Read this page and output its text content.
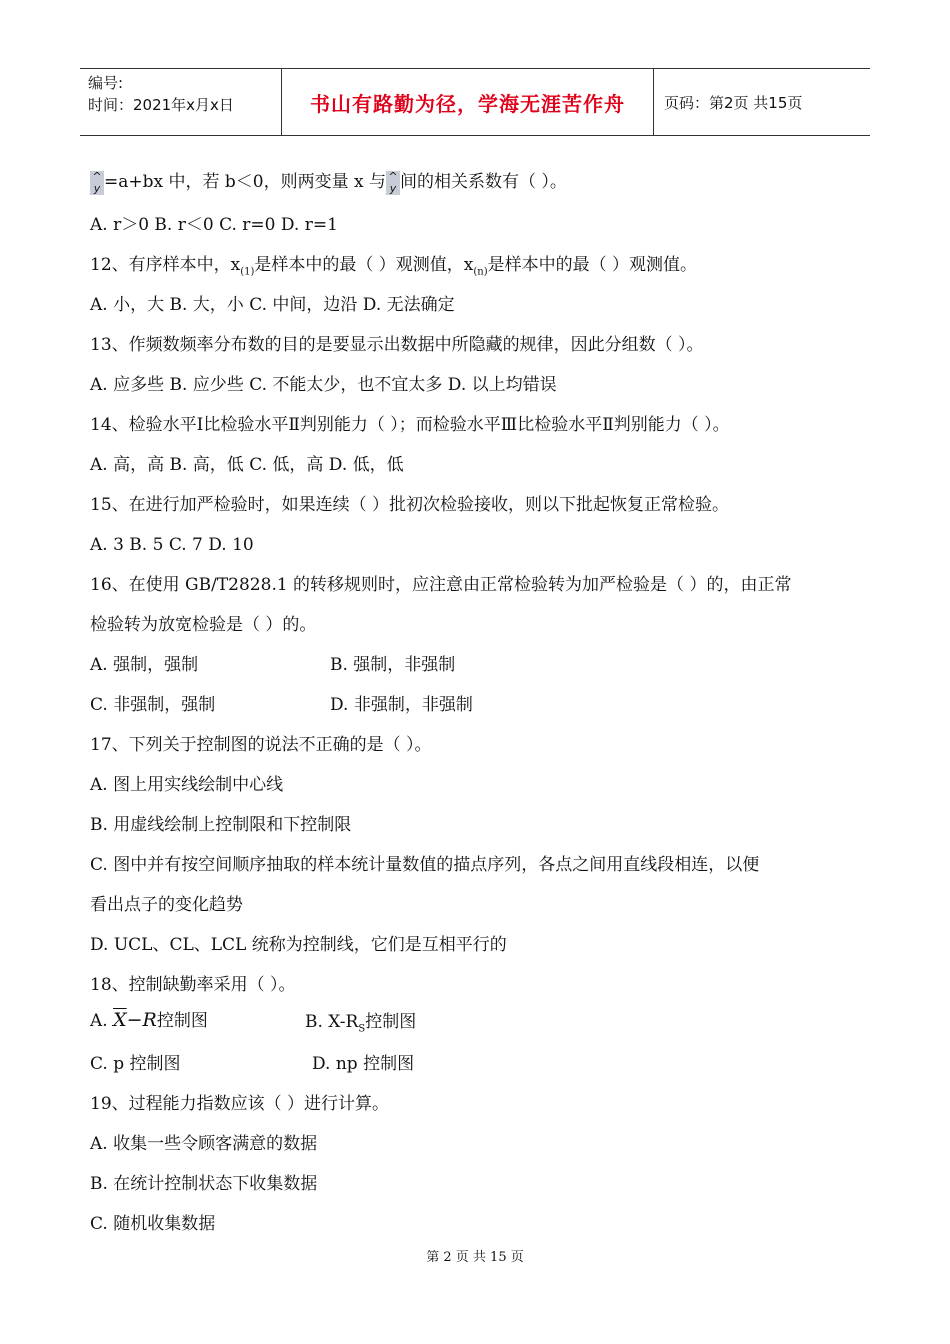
编号:
时间：2021年x月x日	书山有路勤为径，学海无涯苦作舟	页码：第2页 共15页
^
y =a+bx 中，若 b＜0，则两变量 x 与 ^
y 间的相关系数有（ ）。
A. r＞0 B. r＜0 C. r=0 D. r=1
12、有序样本中，$x_{(1)}$是样本中的最（ ）观测值，$x_{(n)}$是样本中的最（ ）观测值。
A. 小，大 B. 大，小 C. 中间，边沿 D. 无法确定
13、作频数频率分布数的目的是要显示出数据中所隐藏的规律，因此分组数（ ）。
A. 应多些 B. 应少些 C. 不能太少，也不宜太多 D. 以上均错误
14、检验水平Ⅰ比检验水平Ⅱ判别能力（ ）；而检验水平Ⅲ比检验水平Ⅱ判别能力（ ）。
A. 高，高 B. 高，低 C. 低，高 D. 低，低
15、在进行加严检验时，如果连续（ ）批初次检验接收，则以下批起恢复正常检验。
A. 3 B. 5 C. 7 D. 10
16、在使用 GB/T2828.1 的转移规则时，应注意由正常检验转为加严检验是（ ）的，由正常
检验转为放宽检验是（ ）的。
A. 强制，强制	B. 强制，非强制
C. 非强制，强制	D. 非强制，非强制
17、下列关于控制图的说法不正确的是（ ）。
A. 图上用实线绘制中心线
B. 用虚线绘制上控制限和下控制限
C. 图中并有按空间顺序抽取的样本统计量数值的描点序列，各点之间用直线段相连，以便
看出点子的变化趋势
D. UCL、CL、LCL 统称为控制线，它们是互相平行的
18、控制缺勤率采用（ ）。
A. $\overline{X}-R$控制图	B. $X-R_S$控制图
C. p 控制图	D. np 控制图
19、过程能力指数应该（ ）进行计算。
A. 收集一些令顾客满意的数据
B. 在统计控制状态下收集数据
C. 随机收集数据
第 2 页 共 15 页
